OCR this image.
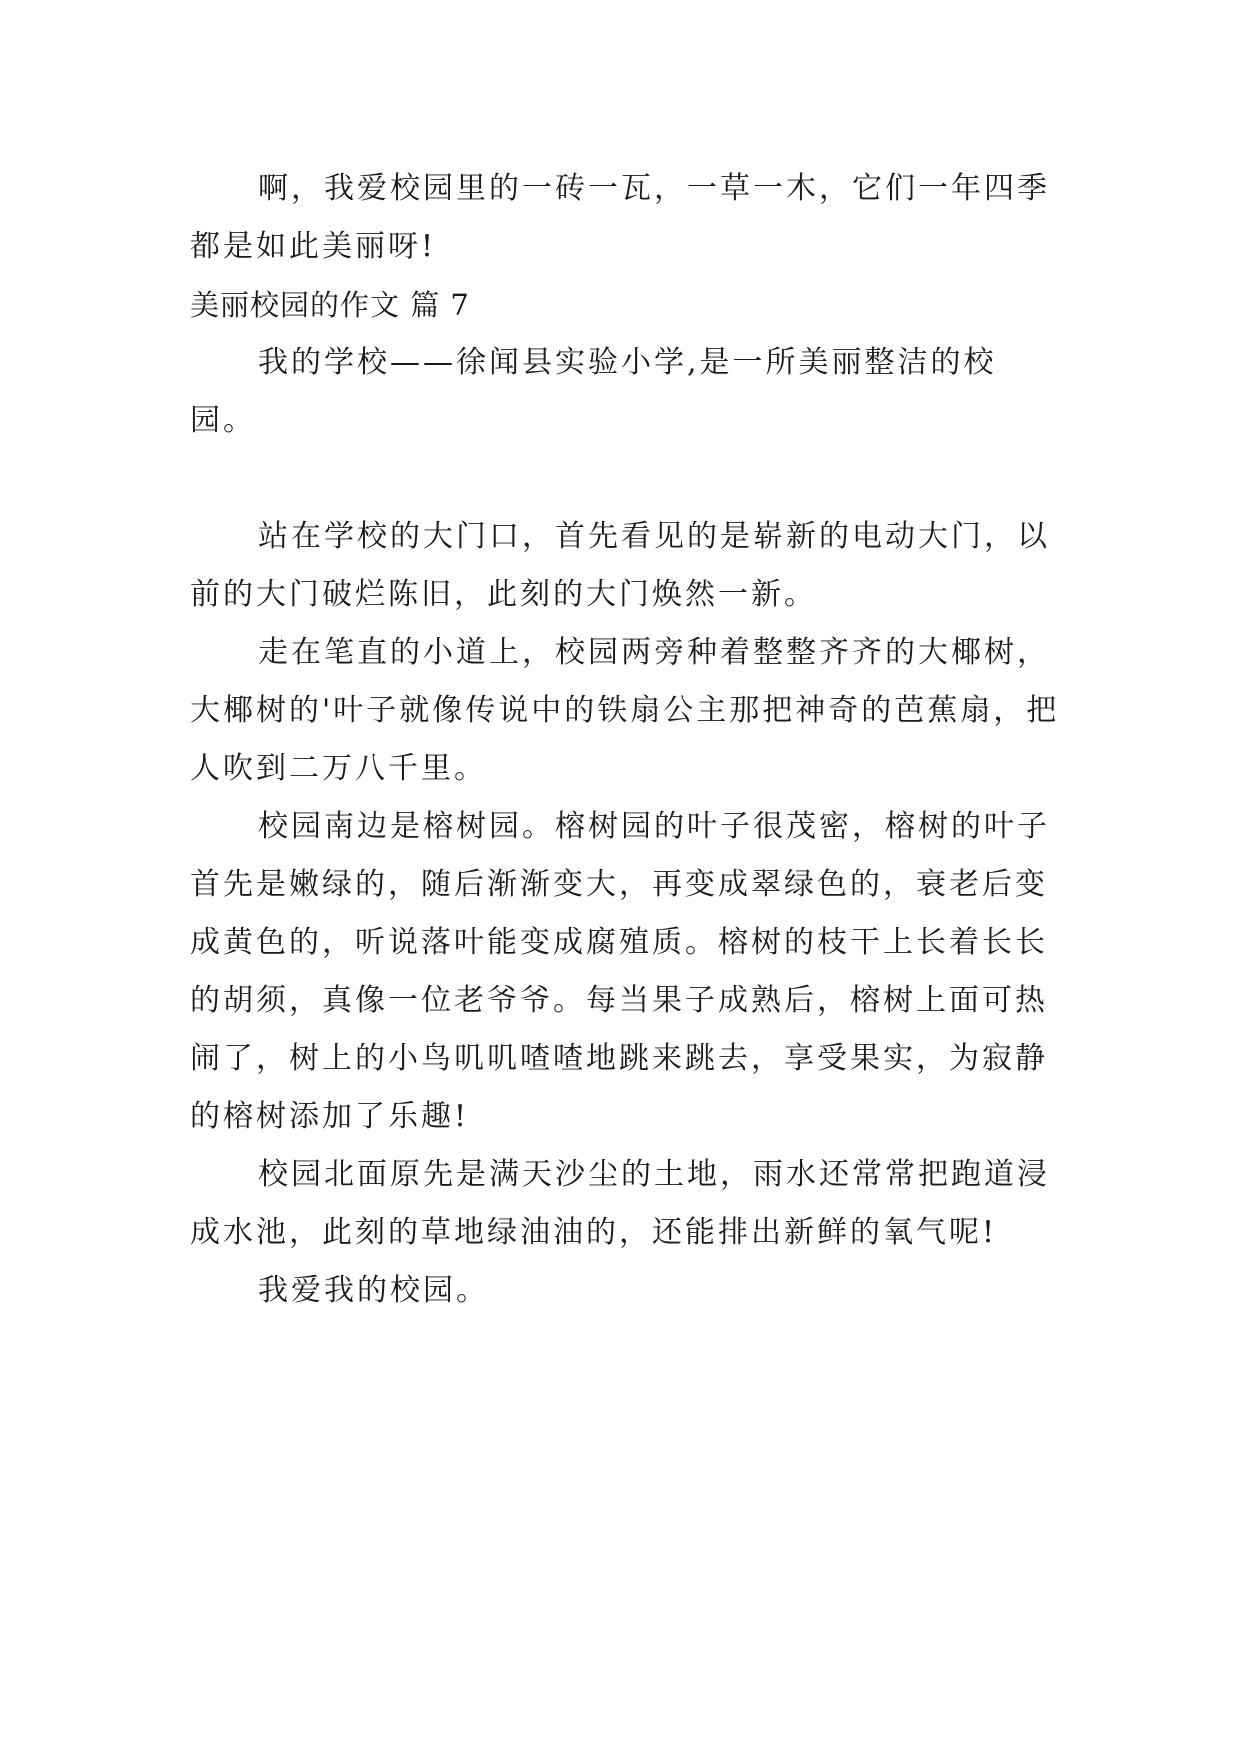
啊，我爱校园里的一砖一瓦，一草一木，它们一年四季都是如此美丽呀!

美丽校园的作文 篇 7

我的学校——徐闻县实验小学,是一所美丽整洁的校园。

站在学校的大门口，首先看见的是崭新的电动大门，以前的大门破烂陈旧，此刻的大门焕然一新。

走在笔直的小道上，校园两旁种着整整齐齐的大椰树，大椰树的'叶子就像传说中的铁扇公主那把神奇的芭蕉扇，把人吹到二万八千里。

校园南边是榕树园。榕树园的叶子很茂密，榕树的叶子首先是嫩绿的，随后渐渐变大，再变成翠绿色的，衰老后变成黄色的，听说落叶能变成腐殖质。榕树的枝干上长着长长的胡须，真像一位老爷爷。每当果子成熟后，榕树上面可热闹了，树上的小鸟叽叽喳喳地跳来跳去，享受果实，为寂静的榕树添加了乐趣!

校园北面原先是满天沙尘的土地，雨水还常常把跑道浸成水池，此刻的草地绿油油的，还能排出新鲜的氧气呢!

我爱我的校园。
